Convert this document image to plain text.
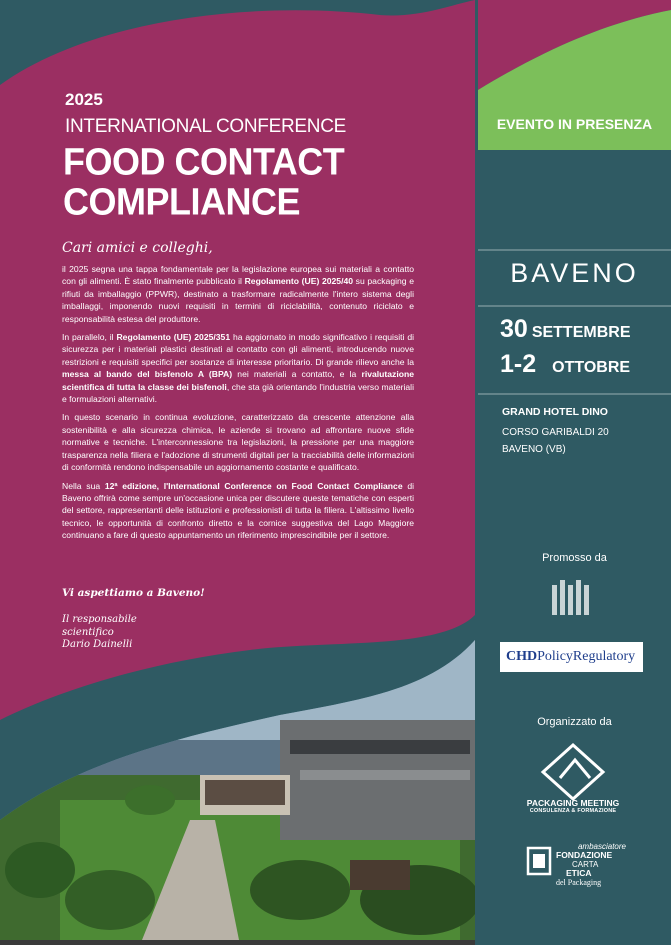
2025
INTERNATIONAL CONFERENCE
FOOD CONTACT
COMPLIANCE
Cari amici e colleghi,

il 2025 segna una tappa fondamentale per la legislazione europea sui materiali a contatto con gli alimenti. È stato finalmente pubblicato il Regolamento (UE) 2025/40 su packaging e rifiuti da imballaggio (PPWR), destinato a trasformare radicalmente l'intero sistema degli imballaggi, imponendo nuovi requisiti in termini di riciclabilità, contenuto riciclato e responsabilità estesa del produttore.

In parallelo, il Regolamento (UE) 2025/351 ha aggiornato in modo significativo i requisiti di sicurezza per i materiali plastici destinati al contatto con gli alimenti, introducendo nuove restrizioni e requisiti specifici per sostanze di interesse prioritario. Di grande rilievo anche la messa al bando del bisfenolo A (BPA) nei materiali a contatto, e la rivalutazione scientifica di tutta la classe dei bisfenoli, che sta già orientando l'industria verso materiali e formulazioni alternativi.

In questo scenario in continua evoluzione, caratterizzato da crescente attenzione alla sostenibilità e alla sicurezza chimica, le aziende si trovano ad affrontare nuove sfide normative e tecniche. L'interconnessione tra legislazioni, la pressione per una maggiore trasparenza nella filiera e l'adozione di strumenti digitali per la tracciabilità delle informazioni di conformità rendono indispensabile un aggiornamento costante e qualificato.

Nella sua 12ª edizione, l'International Conference on Food Contact Compliance di Baveno offrirà come sempre un'occasione unica per discutere queste tematiche con esperti del settore, rappresentanti delle istituzioni e professionisti di tutta la filiera. L'altissimo livello tecnico, le opportunità di confronto diretto e la cornice suggestiva del Lago Maggiore continuano a fare di questo appuntamento un riferimento imprescindibile per il settore.

Vi aspettiamo a Baveno!
Il responsabile
scientifico
Dario Dainelli
EVENTO IN PRESENZA
BAVENO
30 SETTEMBRE
1-2 OTTOBRE
GRAND HOTEL DINO
CORSO GARIBALDI 20
BAVENO (VB)
Promosso da
CHDPolicyRegulatory
Organizzato da
PACKAGING MEETING
CONSULENZA & FORMAZIONE
ambasciatore
FONDAZIONE
CARTA
ETICA
del Packaging
